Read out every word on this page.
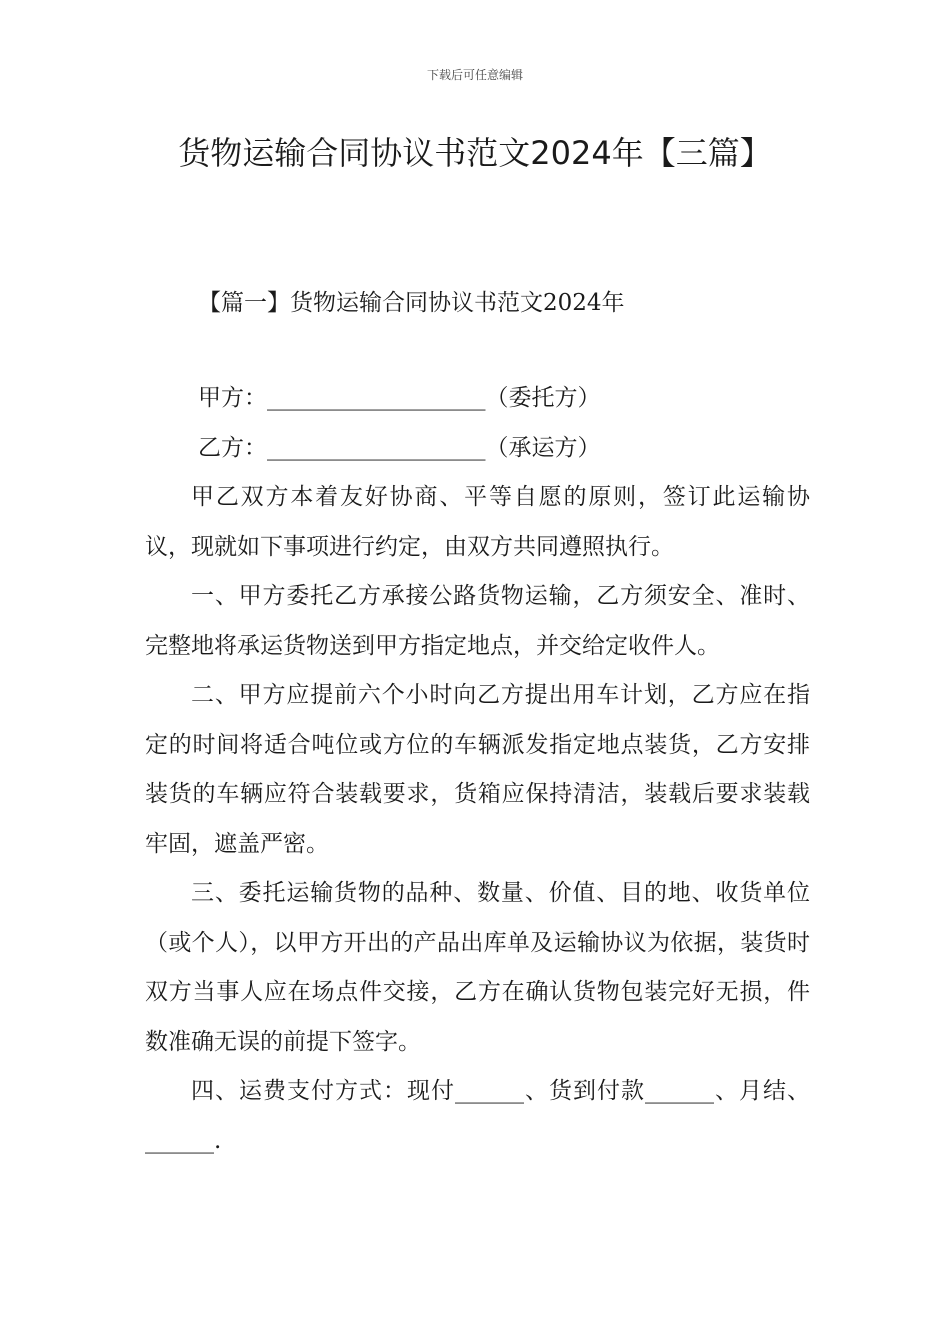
下载后可任意编辑
货物运输合同协议书范文2024年【三篇】
【篇一】货物运输合同协议书范文2024年

甲方：___________________（委托方）

乙方：___________________（承运方）

甲乙双方本着友好协商、平等自愿的原则，签订此运输协议，现就如下事项进行约定，由双方共同遵照执行。

一、甲方委托乙方承接公路货物运输，乙方须安全、准时、完整地将承运货物送到甲方指定地点，并交给定收件人。

二、甲方应提前六个小时向乙方提出用车计划，乙方应在指定的时间将适合吨位或方位的车辆派发指定地点装货，乙方安排装货的车辆应符合装载要求，货箱应保持清洁，装载后要求装载牢固，遮盖严密。

三、委托运输货物的品种、数量、价值、目的地、收货单位（或个人），以甲方开出的产品出库单及运输协议为依据，装货时双方当事人应在场点件交接，乙方在确认货物包装完好无损，件数准确无误的前提下签字。

四、运费支付方式：现付______、货到付款______、月结、______.
